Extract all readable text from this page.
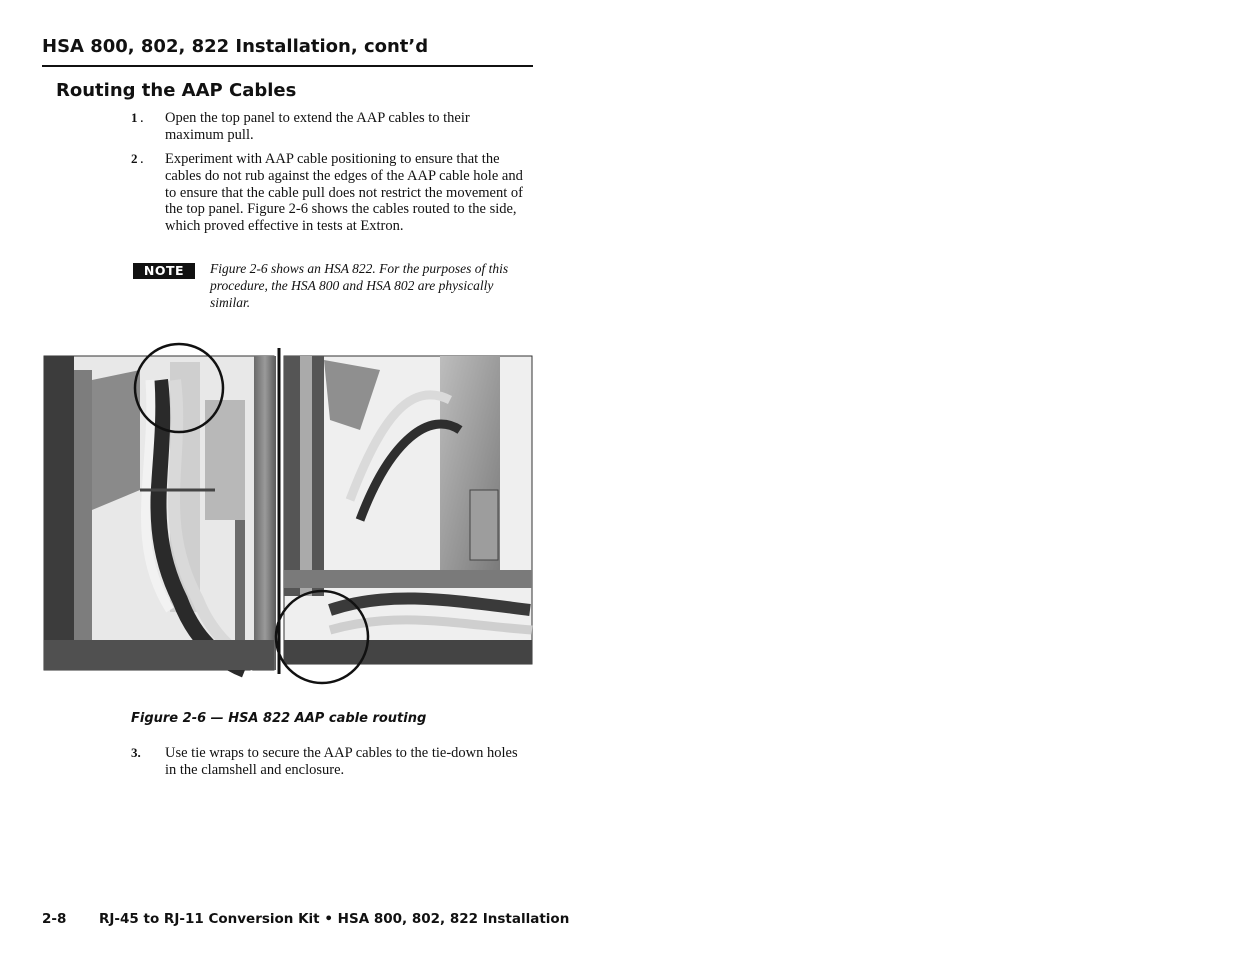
HSA 800, 802, 822 Installation, cont’d
Routing the AAP Cables
1 . Open the top panel to extend the AAP cables to their maximum pull.
2 . Experiment with AAP cable positioning to ensure that the cables do not rub against the edges of the AAP cable hole and to ensure that the cable pull does not restrict the movement of the top panel. Figure 2-6 shows the cables routed to the side, which proved effective in tests at Extron.
NOTE	Figure 2-6 shows an HSA 822. For the purposes of this procedure, the HSA 800 and HSA 802 are physically similar.
Figure 2-6 — HSA 822 AAP cable routing
3. Use tie wraps to secure the AAP cables to the tie-down holes in the clamshell and enclosure.
2-8 RJ-45 to RJ-11 Conversion Kit • HSA 800, 802, 822 Installation
